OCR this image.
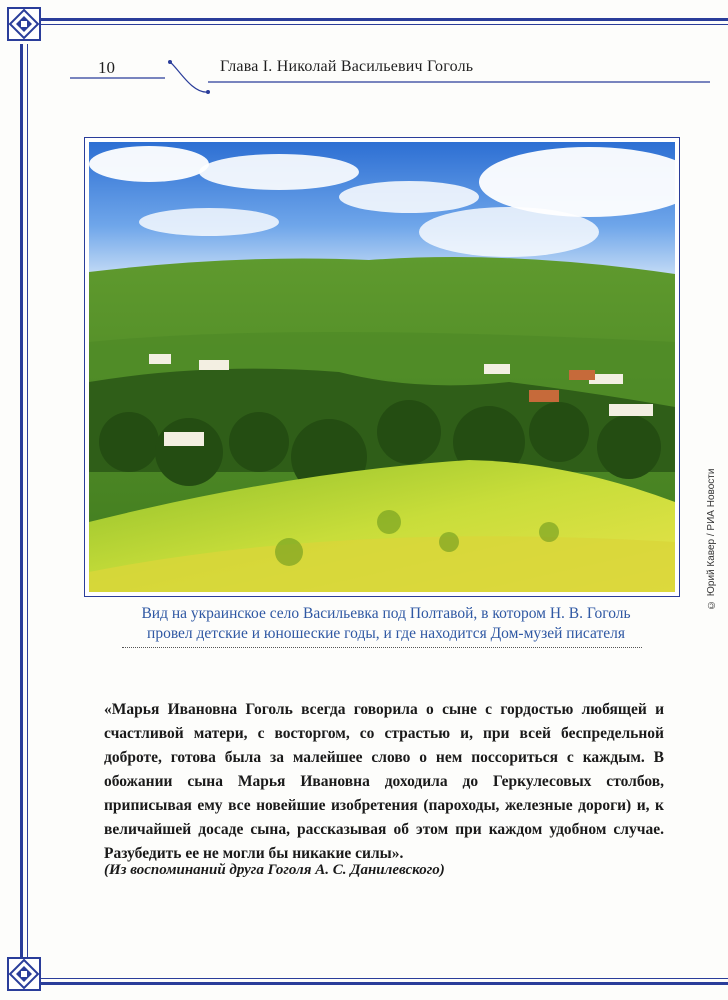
10	Глава I. Николай Васильевич Гоголь
© Юрий Кавер / РИА Новости
Вид на украинское село Васильевка под Полтавой, в котором Н. В. Гоголь
провел детские и юношеские годы, и где находится Дом-музей писателя

«Марья Ивановна Гоголь всегда говорила о сыне с гордостью любящей и счастливой матери, с восторгом, со страстью и, при всей беспредельной доброте, готова была за малейшее слово о нем поссориться с каждым. В обожании сына Марья Ивановна доходила до Геркулесовых столбов, приписывая ему все новейшие изобретения (пароходы, железные дороги) и, к величайшей досаде сына, рассказывая об этом при каждом удобном случае. Разубедить ее не могли бы никакие силы».

(Из воспоминаний друга Гоголя А. С. Данилевского)
